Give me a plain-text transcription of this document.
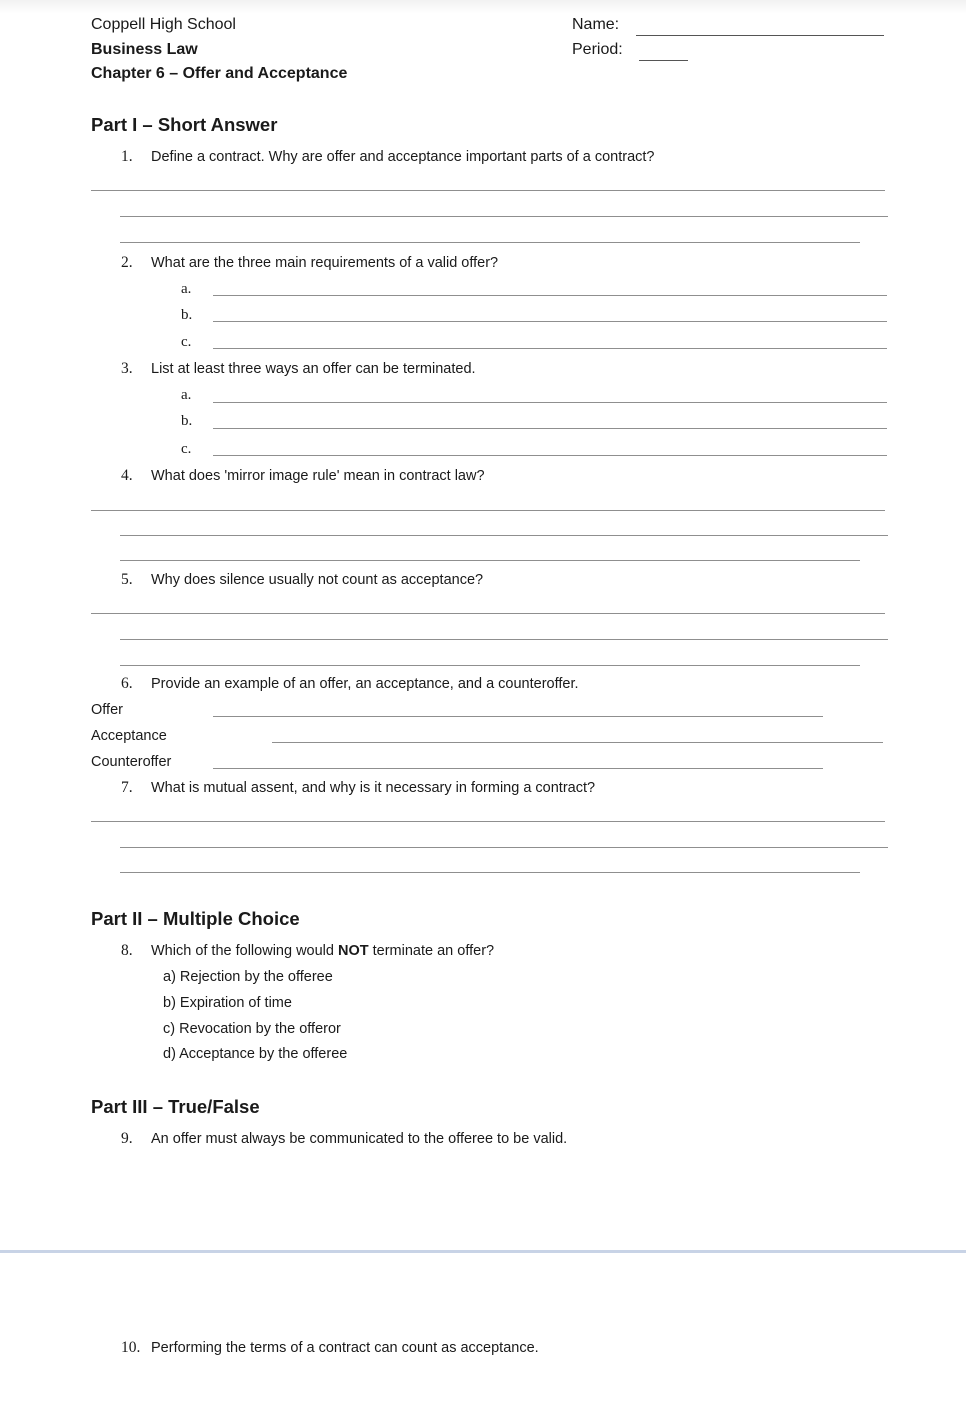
Coppell High School
Business Law
Chapter 6 – Offer and Acceptance
Name:
Period:
Part I – Short Answer
1. Define a contract. Why are offer and acceptance important parts of a contract?
2. What are the three main requirements of a valid offer?
a.
b.
c.
3. List at least three ways an offer can be terminated.
a.
b.
c.
4. What does 'mirror image rule' mean in contract law?
5. Why does silence usually not count as acceptance?
6. Provide an example of an offer, an acceptance, and a counteroffer.
Offer
Acceptance
Counteroffer
7. What is mutual assent, and why is it necessary in forming a contract?
Part II – Multiple Choice
8. Which of the following would NOT terminate an offer?
a) Rejection by the offeree
b) Expiration of time
c) Revocation by the offeror
d) Acceptance by the offeree
Part III – True/False
9. An offer must always be communicated to the offeree to be valid.
10. Performing the terms of a contract can count as acceptance.
